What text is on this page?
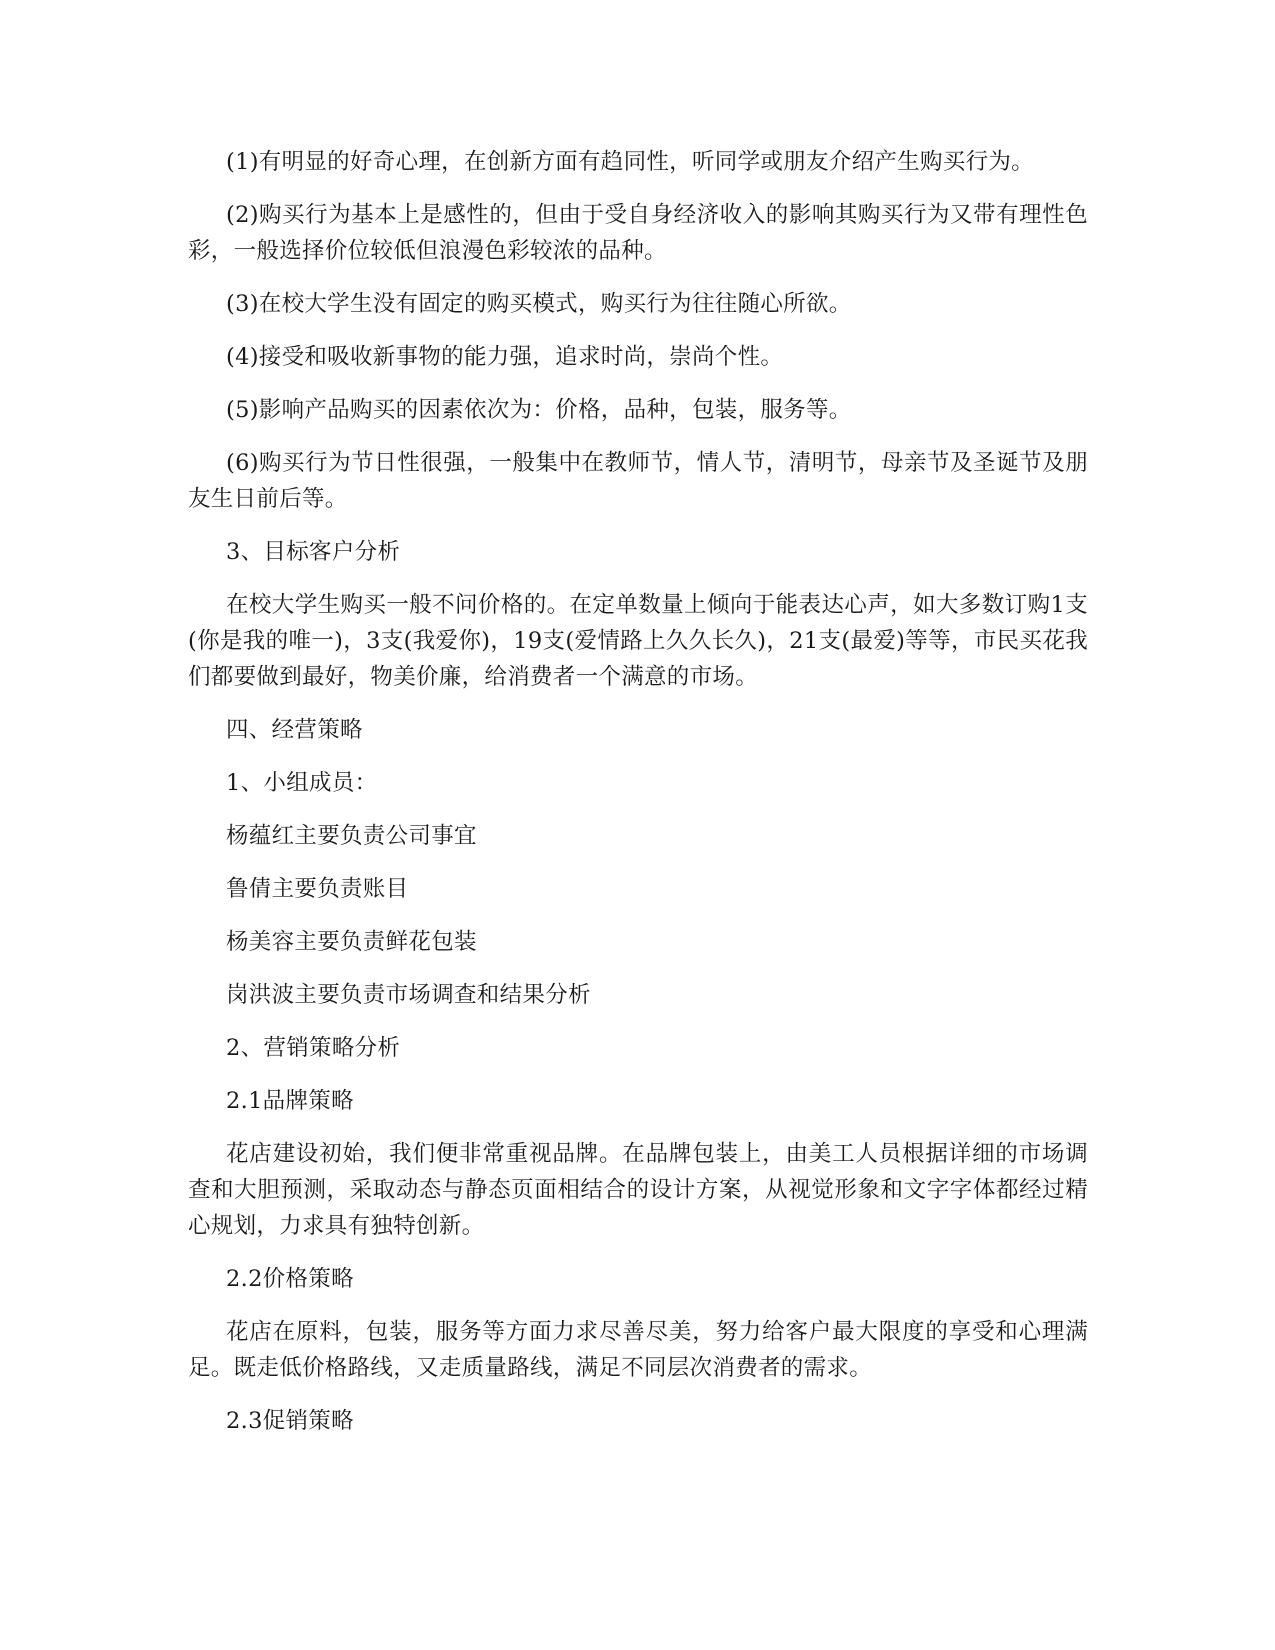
(1)有明显的好奇心理，在创新方面有趋同性，听同学或朋友介绍产生购买行为。

(2)购买行为基本上是感性的，但由于受自身经济收入的影响其购买行为又带有理性色彩，一般选择价位较低但浪漫色彩较浓的品种。

(3)在校大学生没有固定的购买模式，购买行为往往随心所欲。

(4)接受和吸收新事物的能力强，追求时尚，崇尚个性。

(5)影响产品购买的因素依次为：价格，品种，包装，服务等。

(6)购买行为节日性很强，一般集中在教师节，情人节，清明节，母亲节及圣诞节及朋友生日前后等。

3、目标客户分析

在校大学生购买一般不问价格的。在定单数量上倾向于能表达心声，如大多数订购1支(你是我的唯一)，3支(我爱你)，19支(爱情路上久久长久)，21支(最爱)等等，市民买花我们都要做到最好，物美价廉，给消费者一个满意的市场。

四、经营策略

1、小组成员：

杨蕴红主要负责公司事宜

鲁倩主要负责账目

杨美容主要负责鲜花包装

岗洪波主要负责市场调查和结果分析

2、营销策略分析

2.1品牌策略

花店建设初始，我们便非常重视品牌。在品牌包装上，由美工人员根据详细的市场调查和大胆预测，采取动态与静态页面相结合的设计方案，从视觉形象和文字字体都经过精心规划，力求具有独特创新。

2.2价格策略

花店在原料，包装，服务等方面力求尽善尽美，努力给客户最大限度的享受和心理满足。既走低价格路线，又走质量路线，满足不同层次消费者的需求。

2.3促销策略
